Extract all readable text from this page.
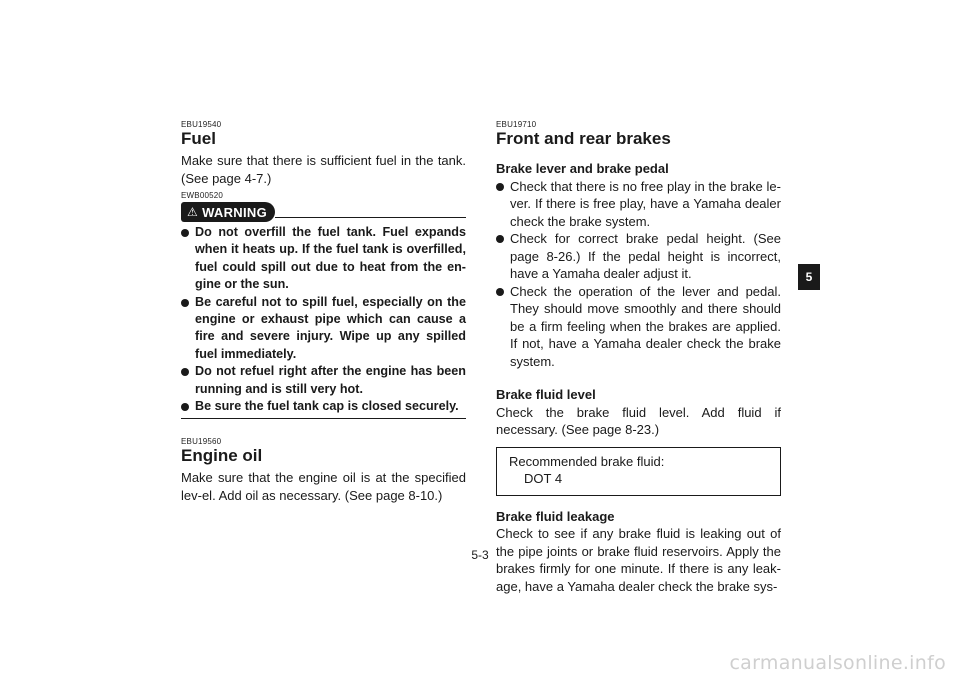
EBU19540
Fuel

Make sure that there is sufficient fuel in the tank. (See page 4-7.)

EWB00520
⚠ WARNING
Do not overfill the fuel tank. Fuel expands when it heats up. If the fuel tank is overfilled, fuel could spill out due to heat from the en-gine or the sun.
Be careful not to spill fuel, especially on the engine or exhaust pipe which can cause a fire and severe injury. Wipe up any spilled fuel immediately.
Do not refuel right after the engine has been running and is still very hot.
Be sure the fuel tank cap is closed securely.
EBU19560
Engine oil

Make sure that the engine oil is at the specified lev-el. Add oil as necessary. (See page 8-10.)

EBU19710
Front and rear brakes

Brake lever and brake pedal

Check that there is no free play in the brake le-ver. If there is free play, have a Yamaha dealer check the brake system.
Check for correct brake pedal height. (See page 8-26.) If the pedal height is incorrect, have a Yamaha dealer adjust it.
Check the operation of the lever and pedal. They should move smoothly and there should be a firm feeling when the brakes are applied. If not, have a Yamaha dealer check the brake system.

Brake fluid level

Check the brake fluid level. Add fluid if necessary. (See page 8-23.)

Recommended brake fluid:
DOT 4

Brake fluid leakage

Check to see if any brake fluid is leaking out of the pipe joints or brake fluid reservoirs. Apply the brakes firmly for one minute. If there is any leak-age, have a Yamaha dealer check the brake sys-

5
5-3
carmanualsonline.info
